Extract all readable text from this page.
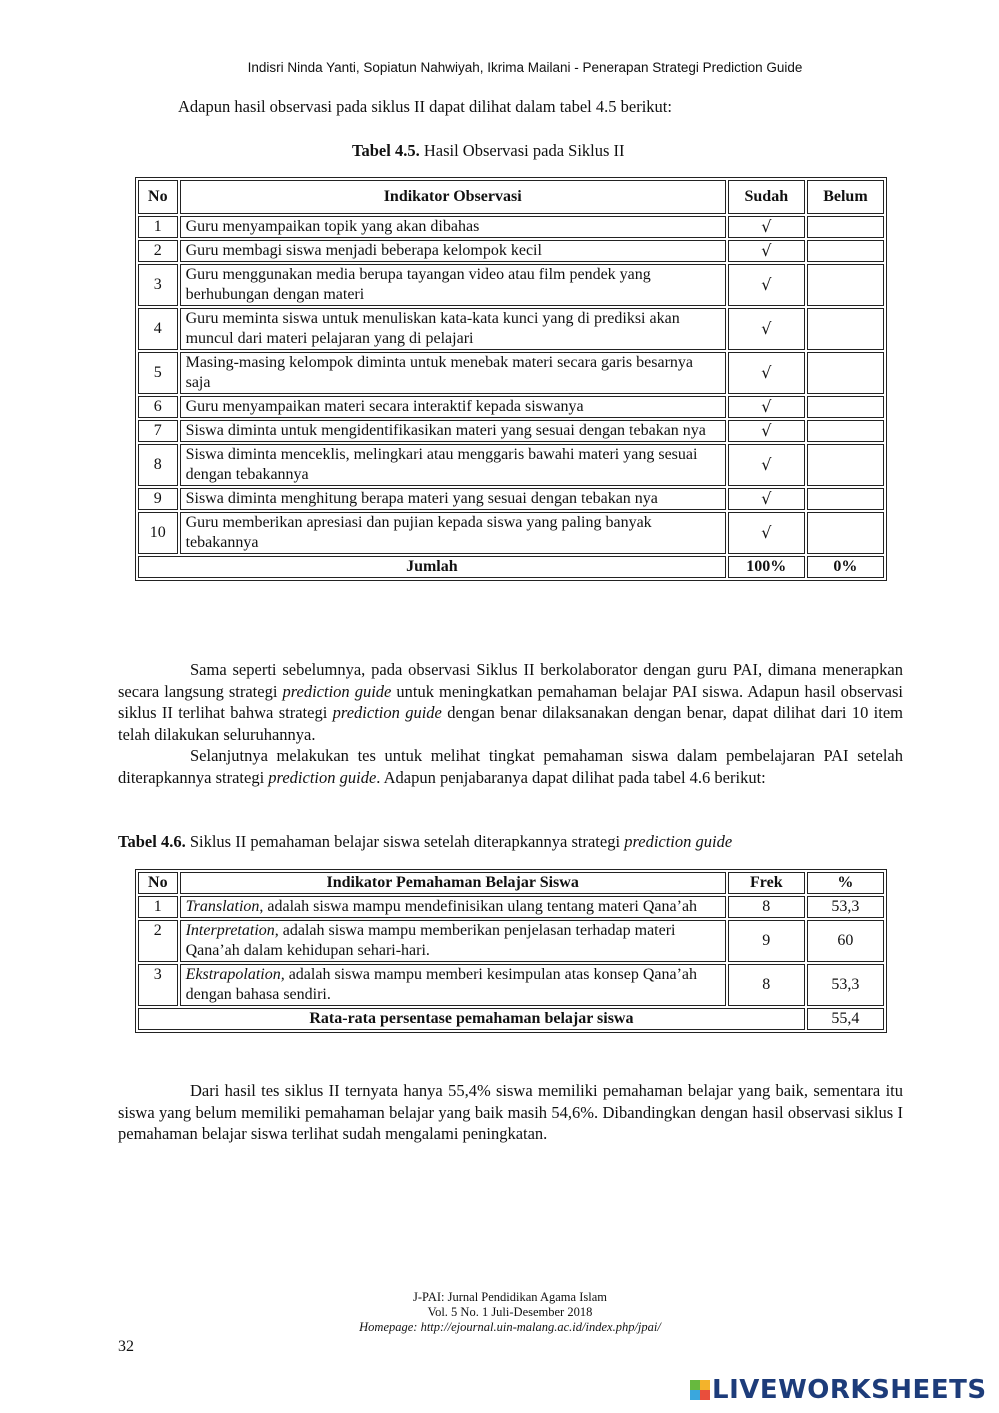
Indisri Ninda Yanti, Sopiatun Nahwiyah, Ikrima Mailani - Penerapan Strategi Prediction Guide
Adapun hasil observasi pada siklus II dapat dilihat dalam tabel 4.5 berikut:
Tabel 4.5. Hasil Observasi pada Siklus II
No	Indikator Observasi	Sudah	Belum
1	Guru menyampaikan topik yang akan dibahas	√	
2	Guru membagi siswa menjadi beberapa kelompok kecil	√	
3	Guru menggunakan media berupa tayangan video atau film pendek yang berhubungan dengan materi	√	
4	Guru meminta siswa untuk menuliskan kata-kata kunci yang di prediksi akan muncul dari materi pelajaran yang di pelajari	√	
5	Masing-masing kelompok diminta untuk menebak materi secara garis besarnya saja	√	
6	Guru menyampaikan materi secara interaktif kepada siswanya	√	
7	Siswa diminta untuk mengidentifikasikan materi yang sesuai dengan tebakan nya	√	
8	Siswa diminta menceklis, melingkari atau menggaris bawahi materi yang sesuai dengan tebakannya	√	
9	Siswa diminta menghitung berapa materi yang sesuai dengan tebakan nya	√	
10	Guru memberikan apresiasi dan pujian kepada siswa yang paling banyak tebakannya	√	
Jumlah		100%	0%
Sama seperti sebelumnya, pada observasi Siklus II berkolaborator dengan guru PAI, dimana menerapkan secara langsung strategi prediction guide untuk meningkatkan pemahaman belajar PAI siswa. Adapun hasil observasi siklus II terlihat bahwa strategi prediction guide dengan benar dilaksanakan dengan benar, dapat dilihat dari 10 item telah dilakukan seluruhannya.
Selanjutnya melakukan tes untuk melihat tingkat pemahaman siswa dalam pembelajaran PAI setelah diterapkannya strategi prediction guide. Adapun penjabaranya dapat dilihat pada tabel 4.6 berikut:
Tabel 4.6. Siklus II pemahaman belajar siswa setelah diterapkannya strategi prediction guide
No	Indikator Pemahaman Belajar Siswa	Frek	%
1	Translation, adalah siswa mampu mendefinisikan ulang tentang materi Qana’ah	8	53,3
2	Interpretation, adalah siswa mampu memberikan penjelasan terhadap materi Qana’ah dalam kehidupan sehari-hari.	9	60
3	Ekstrapolation, adalah siswa mampu memberi kesimpulan atas konsep Qana’ah dengan bahasa sendiri.	8	53,3
Rata-rata persentase pemahaman belajar siswa			55,4
Dari hasil tes siklus II ternyata hanya 55,4% siswa memiliki pemahaman belajar yang baik, sementara itu siswa yang belum memiliki pemahaman belajar yang baik masih 54,6%. Dibandingkan dengan hasil observasi siklus I pemahaman belajar siswa terlihat sudah mengalami peningkatan.
J-PAI: Jurnal Pendidikan Agama Islam
Vol. 5 No. 1 Juli-Desember 2018
Homepage: http://ejournal.uin-malang.ac.id/index.php/jpai/
32
LIVEWORKSHEETS
